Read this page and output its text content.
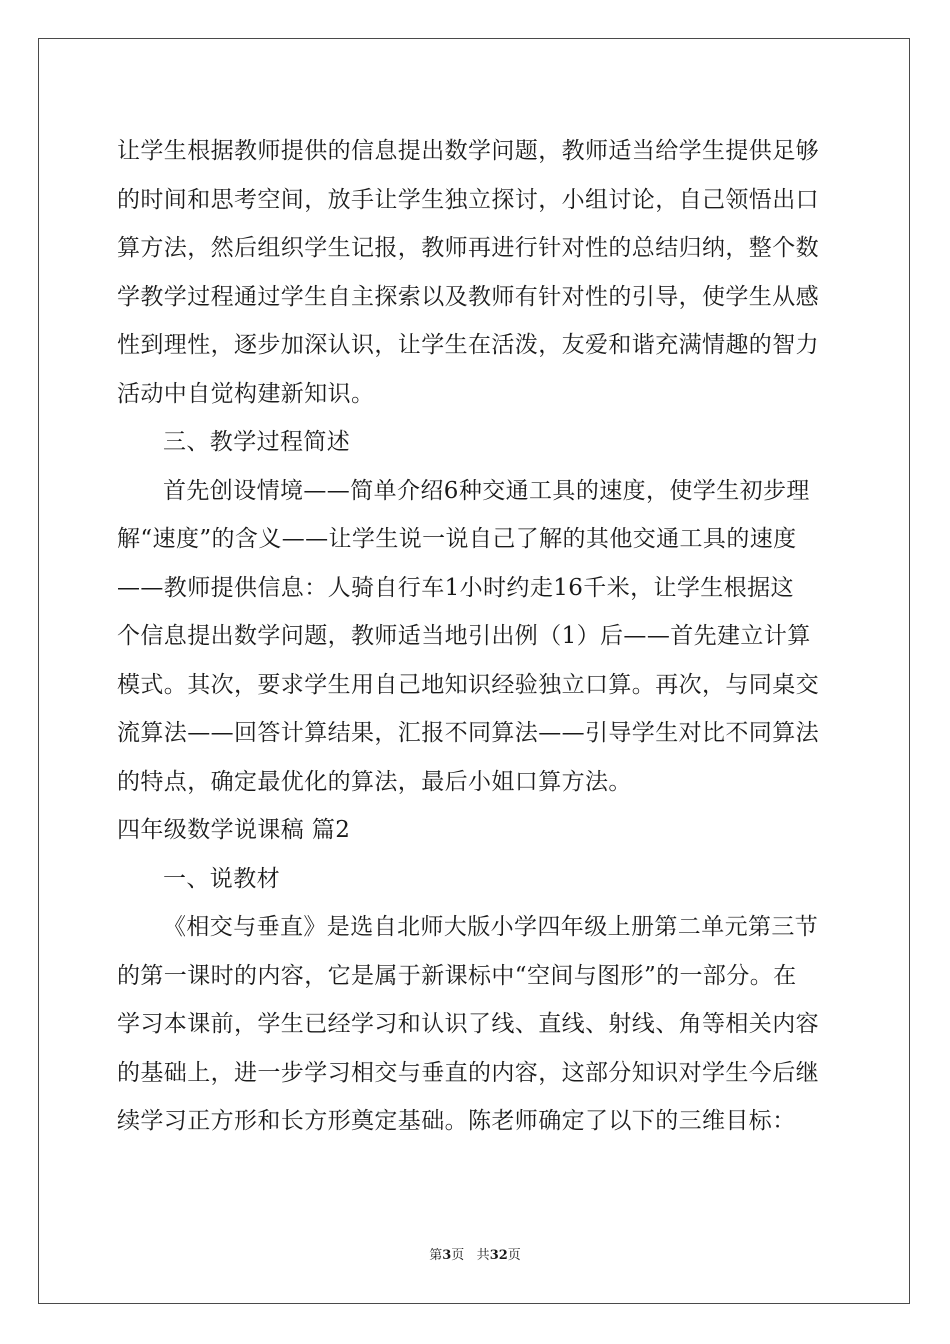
让学生根据教师提供的信息提出数学问题，教师适当给学生提供足够
的时间和思考空间，放手让学生独立探讨，小组讨论，自己领悟出口
算方法，然后组织学生记报，教师再进行针对性的总结归纳，整个数
学教学过程通过学生自主探索以及教师有针对性的引导，使学生从感
性到理性，逐步加深认识，让学生在活泼，友爱和谐充满情趣的智力
活动中自觉构建新知识。
三、教学过程简述
首先创设情境——简单介绍6种交通工具的速度，使学生初步理
解“速度”的含义——让学生说一说自己了解的其他交通工具的速度
——教师提供信息：人骑自行车1小时约走16千米，让学生根据这
个信息提出数学问题，教师适当地引出例（1）后——首先建立计算
模式。其次，要求学生用自己地知识经验独立口算。再次，与同桌交
流算法——回答计算结果，汇报不同算法——引导学生对比不同算法
的特点，确定最优化的算法，最后小姐口算方法。
四年级数学说课稿 篇2
一、说教材
《相交与垂直》是选自北师大版小学四年级上册第二单元第三节
的第一课时的内容，它是属于新课标中“空间与图形”的一部分。在
学习本课前，学生已经学习和认识了线、直线、射线、角等相关内容
的基础上，进一步学习相交与垂直的内容，这部分知识对学生今后继
续学习正方形和长方形奠定基础。陈老师确定了以下的三维目标：
第3页 共32页
